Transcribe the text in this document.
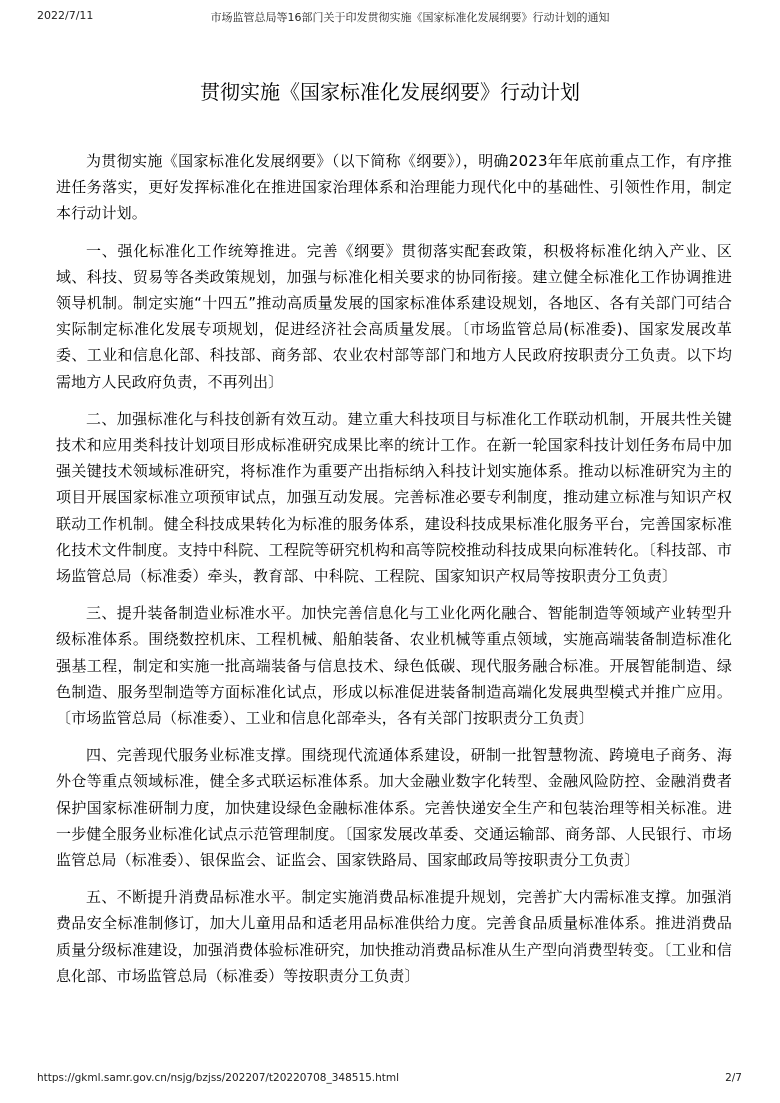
2022/7/11	市场监管总局等16部门关于印发贯彻实施《国家标准化发展纲要》行动计划的通知
贯彻实施《国家标准化发展纲要》行动计划

为贯彻实施《国家标准化发展纲要》（以下简称《纲要》），明确2023年年底前重点工作，有序推进任务落实，更好发挥标准化在推进国家治理体系和治理能力现代化中的基础性、引领性作用，制定本行动计划。

一、强化标准化工作统筹推进。完善《纲要》贯彻落实配套政策，积极将标准化纳入产业、区域、科技、贸易等各类政策规划，加强与标准化相关要求的协同衔接。建立健全标准化工作协调推进领导机制。制定实施“十四五”推动高质量发展的国家标准体系建设规划，各地区、各有关部门可结合实际制定标准化发展专项规划，促进经济社会高质量发展。〔市场监管总局(标准委)、国家发展改革委、工业和信息化部、科技部、商务部、农业农村部等部门和地方人民政府按职责分工负责。以下均需地方人民政府负责，不再列出〕

二、加强标准化与科技创新有效互动。建立重大科技项目与标准化工作联动机制，开展共性关键技术和应用类科技计划项目形成标准研究成果比率的统计工作。在新一轮国家科技计划任务布局中加强关键技术领域标准研究，将标准作为重要产出指标纳入科技计划实施体系。推动以标准研究为主的项目开展国家标准立项预审试点，加强互动发展。完善标准必要专利制度，推动建立标准与知识产权联动工作机制。健全科技成果转化为标准的服务体系，建设科技成果标准化服务平台，完善国家标准化技术文件制度。支持中科院、工程院等研究机构和高等院校推动科技成果向标准转化。〔科技部、市场监管总局（标准委）牵头，教育部、中科院、工程院、国家知识产权局等按职责分工负责〕

三、提升装备制造业标准水平。加快完善信息化与工业化两化融合、智能制造等领域产业转型升级标准体系。围绕数控机床、工程机械、船舶装备、农业机械等重点领域，实施高端装备制造标准化强基工程，制定和实施一批高端装备与信息技术、绿色低碳、现代服务融合标准。开展智能制造、绿色制造、服务型制造等方面标准化试点，形成以标准促进装备制造高端化发展典型模式并推广应用。〔市场监管总局（标准委）、工业和信息化部牵头，各有关部门按职责分工负责〕

四、完善现代服务业标准支撑。围绕现代流通体系建设，研制一批智慧物流、跨境电子商务、海外仓等重点领域标准，健全多式联运标准体系。加大金融业数字化转型、金融风险防控、金融消费者保护国家标准研制力度，加快建设绿色金融标准体系。完善快递安全生产和包装治理等相关标准。进一步健全服务业标准化试点示范管理制度。〔国家发展改革委、交通运输部、商务部、人民银行、市场监管总局（标准委）、银保监会、证监会、国家铁路局、国家邮政局等按职责分工负责〕

五、不断提升消费品标准水平。制定实施消费品标准提升规划，完善扩大内需标准支撑。加强消费品安全标准制修订，加大儿童用品和适老用品标准供给力度。完善食品质量标准体系。推进消费品质量分级标准建设，加强消费体验标准研究，加快推动消费品标准从生产型向消费型转变。〔工业和信息化部、市场监管总局（标准委）等按职责分工负责〕

https://gkml.samr.gov.cn/nsjg/bzjss/202207/t20220708_348515.html	2/7
